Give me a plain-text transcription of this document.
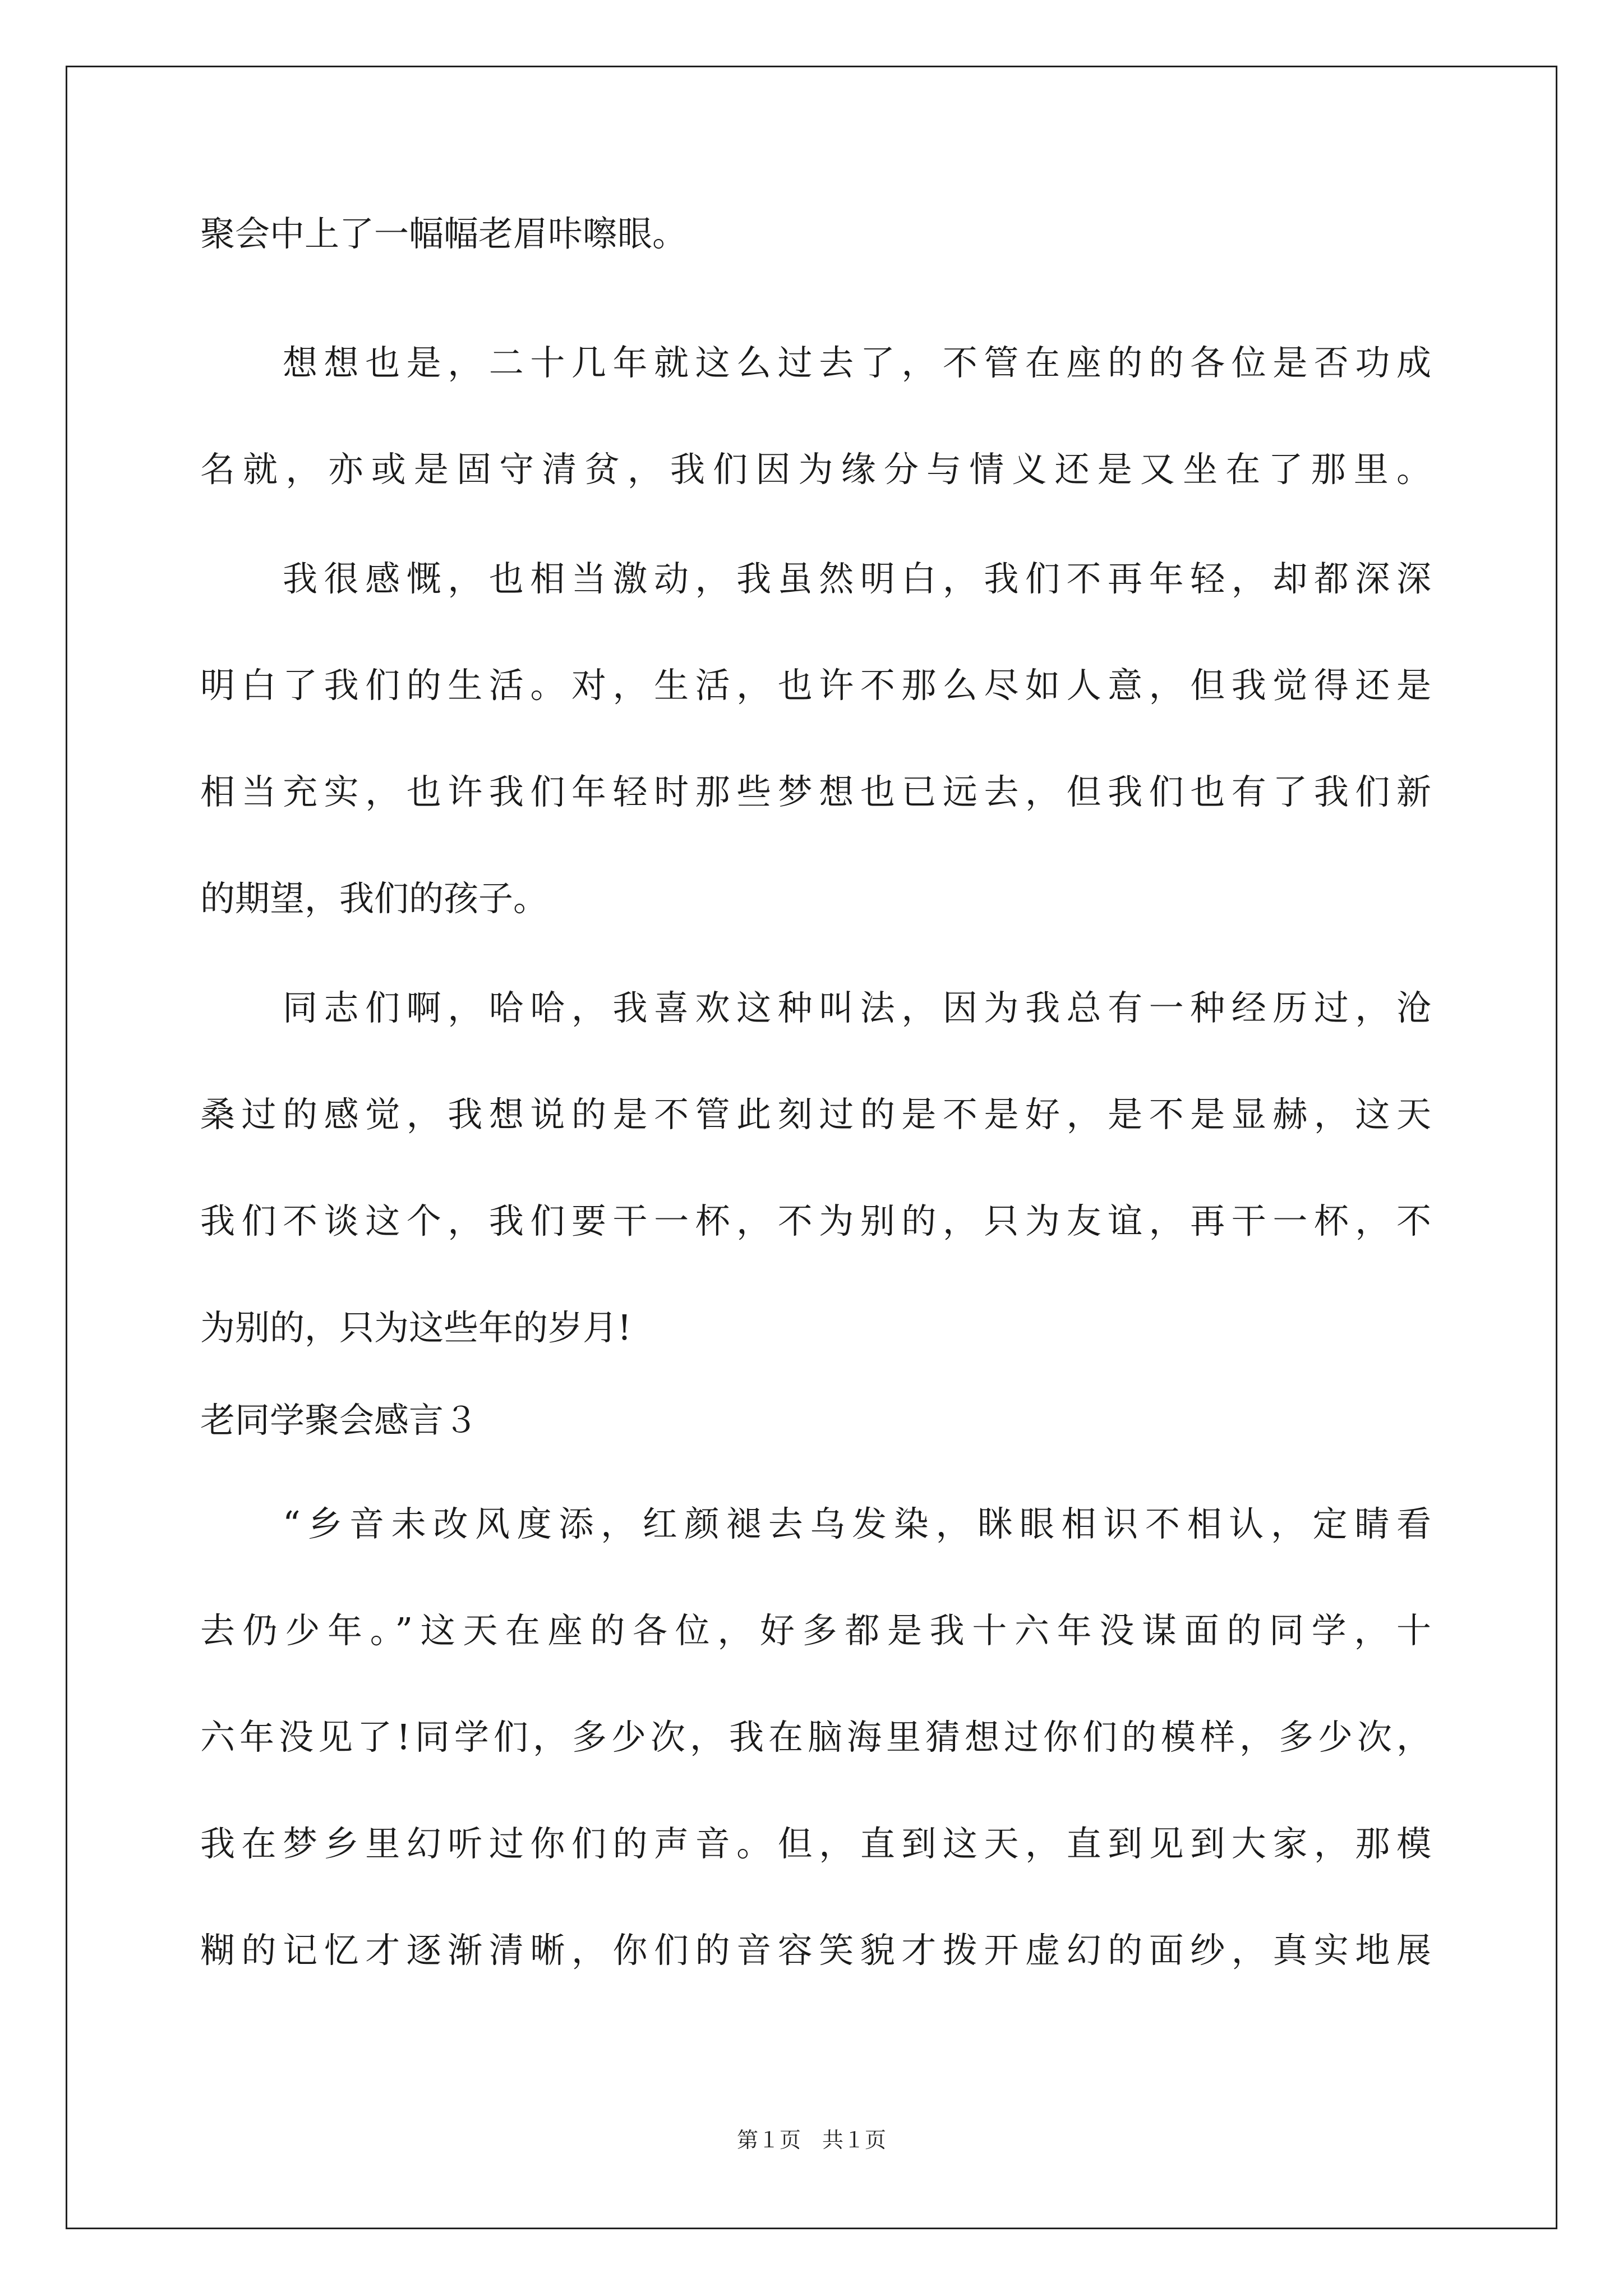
聚会中上了一幅幅老眉咔嚓眼。
想想也是，二十几年就这么过去了，不管在座的的各位是否功成
名就，亦或是固守清贫，我们因为缘分与情义还是又坐在了那里。
我很感慨，也相当激动，我虽然明白，我们不再年轻，却都深深
明白了我们的生活。对，生活，也许不那么尽如人意，但我觉得还是
相当充实，也许我们年轻时那些梦想也已远去，但我们也有了我们新
的期望，我们的孩子。
同志们啊，哈哈，我喜欢这种叫法，因为我总有一种经历过，沧
桑过的感觉，我想说的是不管此刻过的是不是好，是不是显赫，这天
我们不谈这个，我们要干一杯，不为别的，只为友谊，再干一杯，不
为别的，只为这些年的岁月!
老同学聚会感言３
“乡音未改风度添，红颜褪去乌发染，眯眼相识不相认，定睛看
去仍少年。”这天在座的各位，好多都是我十六年没谋面的同学，十
六年没见了!同学们，多少次，我在脑海里猜想过你们的模样，多少次，
我在梦乡里幻听过你们的声音。但，直到这天，直到见到大家，那模
糊的记忆才逐渐清晰，你们的音容笑貌才拨开虚幻的面纱，真实地展
第１页　共１页
